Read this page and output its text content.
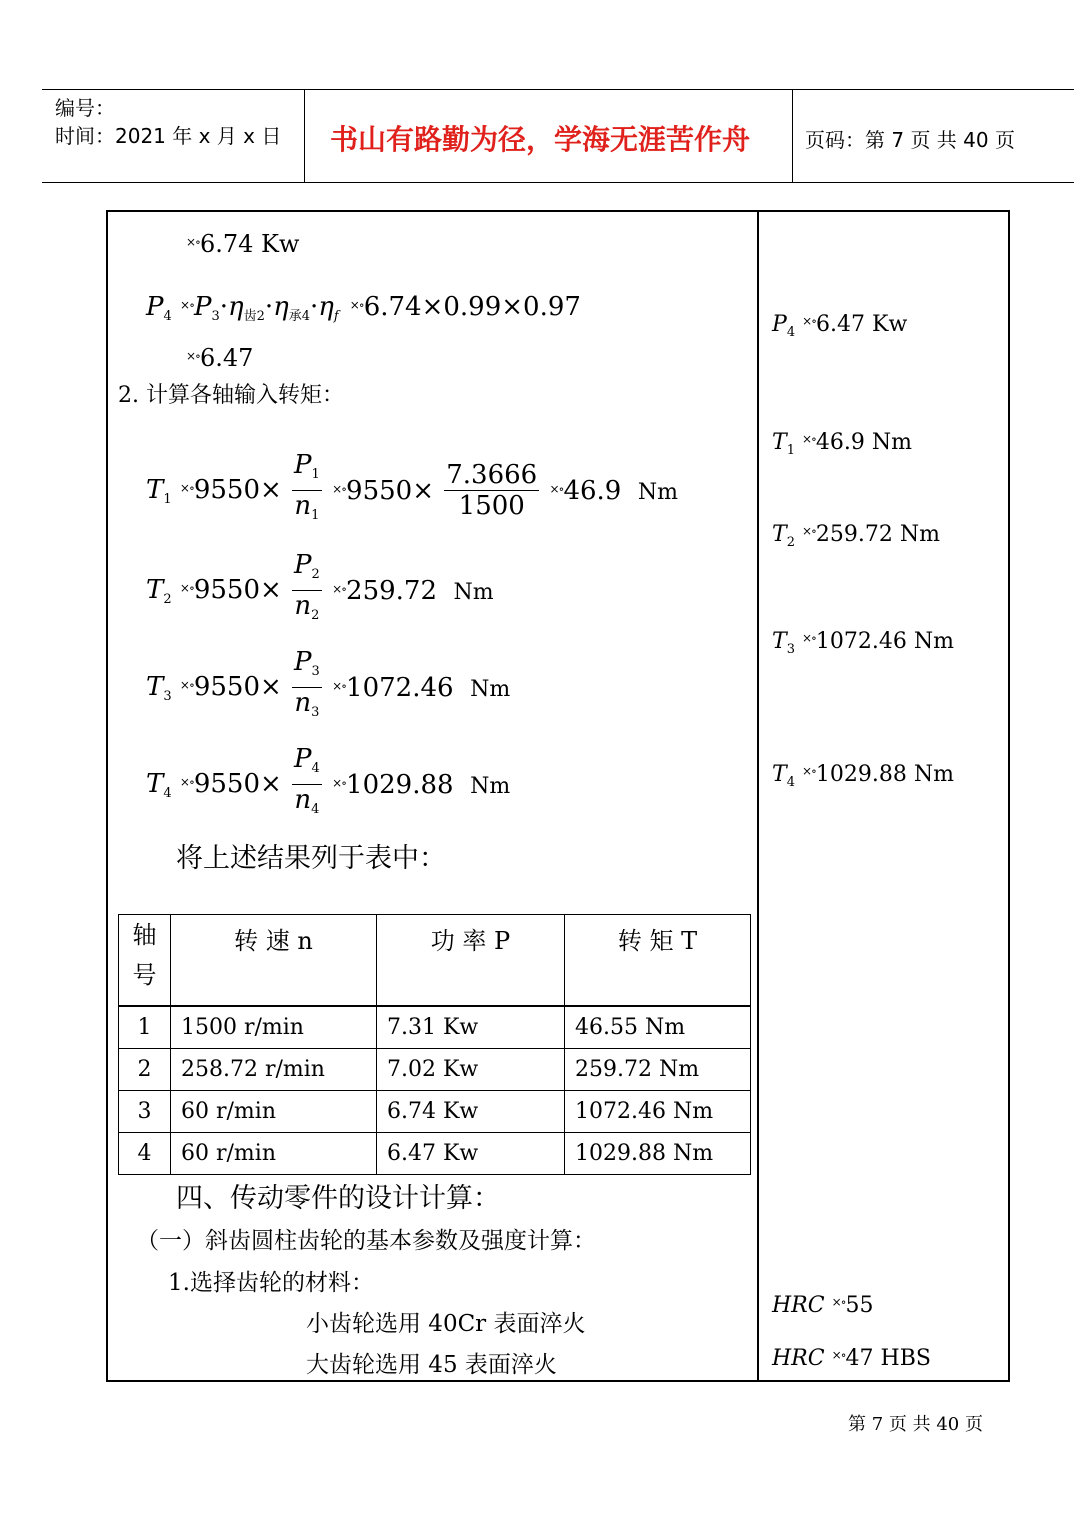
编号：
时间：2021 年 x 月 x 日 书山有路勤为径，学海无涯苦作舟	页码：第 7 页 共 40 页
×∘6.74 Kw
$P_4$ $^{\times\circ}P_3\cdot\eta_{齿2}\cdot\eta_{承4}\cdot\eta_f$  ×∘6.74×0.99×0.97
×∘6.47
2. 计算各轴输入转矩：
$T_1$ $^{\times\circ}9550\times \frac{P_1}{n_1} ^{\times\circ}9550\times \frac{7.3666}{1500} ^{\times\circ}46.9$ Nm
$T_2$ $^{\times\circ}9550\times \frac{P_2}{n_2} ^{\times\circ}259.72$ Nm
$T_3$ $^{\times\circ}9550\times \frac{P_3}{n_3} ^{\times\circ}1072.46$ Nm
$T_4$ $^{\times\circ}9550\times \frac{P_4}{n_4} ^{\times\circ}1029.88$ Nm
将上述结果列于表中：
轴号	转 速 n	功 率 P	转 矩 T
1	1500 r/min	7.31 Kw	46.55 Nm
2	258.72 r/min	7.02 Kw	259.72 Nm
3	60 r/min	6.74 Kw	1072.46 Nm
4	60 r/min	6.47 Kw	1029.88 Nm
四、传动零件的设计计算：
（一）斜齿圆柱齿轮的基本参数及强度计算：
1.选择齿轮的材料：
小齿轮选用 40Cr 表面淬火
大齿轮选用 45 表面淬火
$P_4$ ×∘6.47 Kw
$T_1$ ×∘46.9 Nm
$T_2$ ×∘259.72 Nm
$T_3$ ×∘1072.46 Nm
$T_4$ ×∘1029.88 Nm
HRC ×∘55
HRC ×∘47 HBS
第 7 页 共 40 页
